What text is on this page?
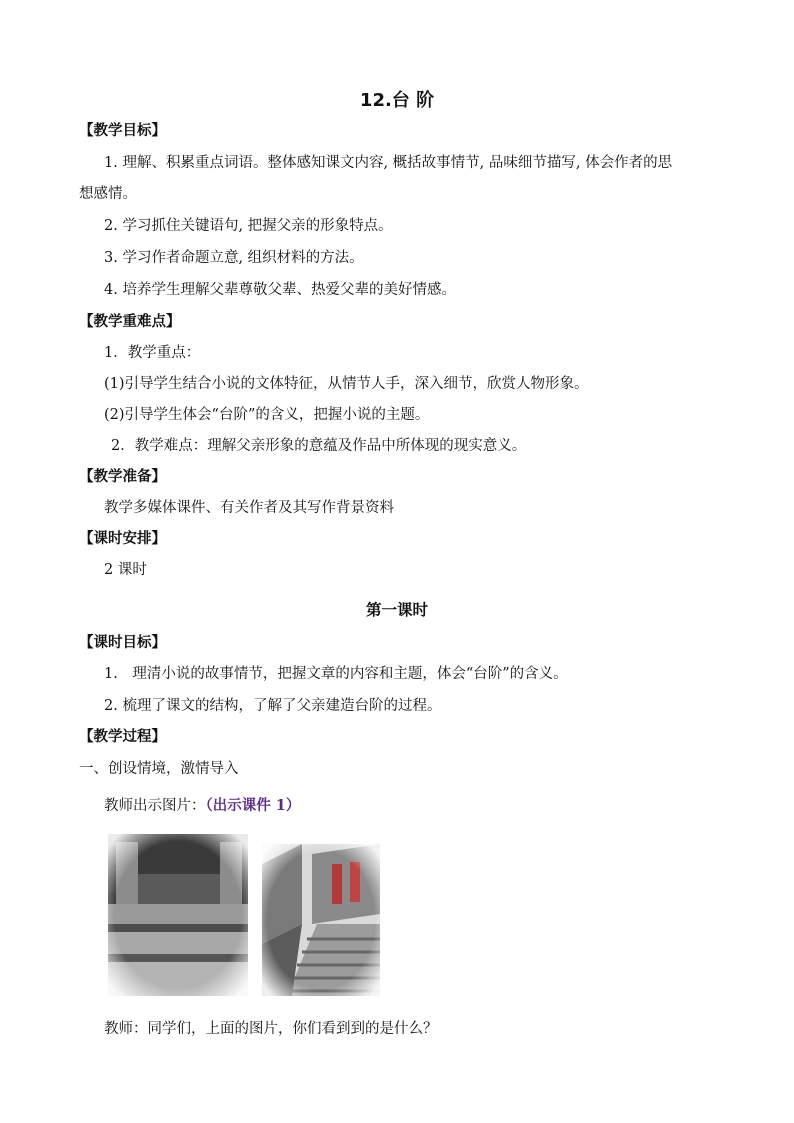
12.台 阶
【教学目标】
1. 理解、积累重点词语。整体感知课文内容, 概括故事情节, 品味细节描写, 体会作者的思
想感情。
2. 学习抓住关键语句, 把握父亲的形象特点。
3. 学习作者命题立意, 组织材料的方法。
4. 培养学生理解父辈尊敬父辈、热爱父辈的美好情感。
【教学重难点】
1．教学重点：
(1)引导学生结合小说的文体特征，从情节人手，深入细节，欣赏人物形象。
(2)引导学生体会“台阶”的含义，把握小说的主题。
2．教学难点：理解父亲形象的意蕴及作品中所体现的现实意义。
【教学准备】
教学多媒体课件、有关作者及其写作背景资料
【课时安排】
2 课时
第一课时
【课时目标】
1.　理清小说的故事情节，把握文章的内容和主题，体会“台阶”的含义。
2. 梳理了课文的结构，了解了父亲建造台阶的过程。
【教学过程】
一、创设情境，激情导入
教师出示图片：（出示课件 1）
教师：同学们，上面的图片，你们看到到的是什么？
